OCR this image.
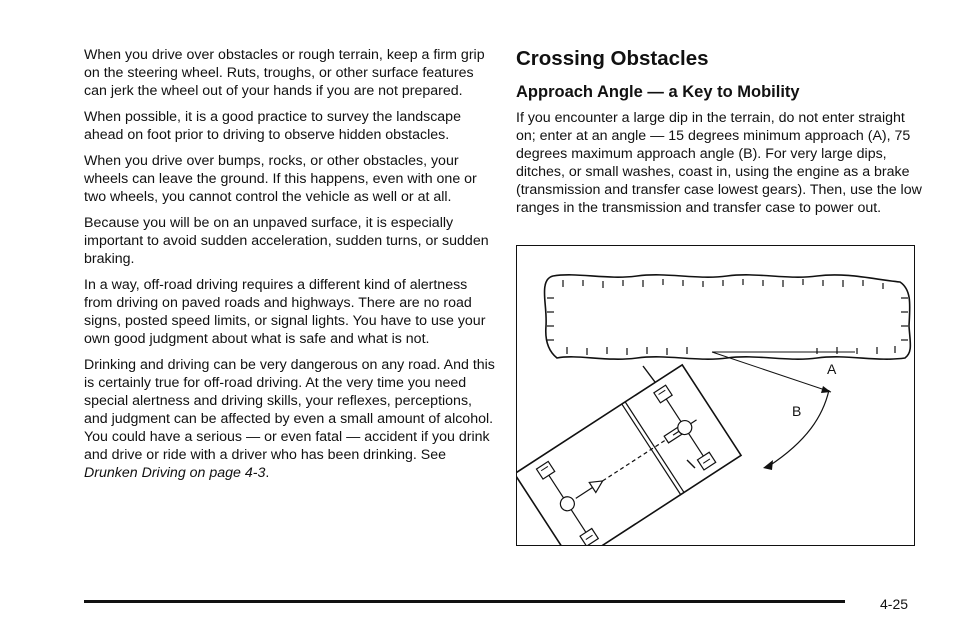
When you drive over obstacles or rough terrain, keep a firm grip on the steering wheel. Ruts, troughs, or other surface features can jerk the wheel out of your hands if you are not prepared.

When possible, it is a good practice to survey the landscape ahead on foot prior to driving to observe hidden obstacles.

When you drive over bumps, rocks, or other obstacles, your wheels can leave the ground. If this happens, even with one or two wheels, you cannot control the vehicle as well or at all.

Because you will be on an unpaved surface, it is especially important to avoid sudden acceleration, sudden turns, or sudden braking.

In a way, off-road driving requires a different kind of alertness from driving on paved roads and highways. There are no road signs, posted speed limits, or signal lights. You have to use your own good judgment about what is safe and what is not.

Drinking and driving can be very dangerous on any road. And this is certainly true for off-road driving. At the very time you need special alertness and driving skills, your reflexes, perceptions, and judgment can be affected by even a small amount of alcohol. You could have a serious — or even fatal — accident if you drink and drive or ride with a driver who has been drinking. See Drunken Driving on page 4-3.

Crossing Obstacles
Approach Angle — a Key to Mobility

If you encounter a large dip in the terrain, do not enter straight on; enter at an angle — 15 degrees minimum approach (A), 75 degrees maximum approach angle (B). For very large dips, ditches, or small washes, coast in, using the engine as a brake (transmission and transfer case lowest gears). Then, use the low ranges in the transmission and transfer case to power out.

A
B
4-25
